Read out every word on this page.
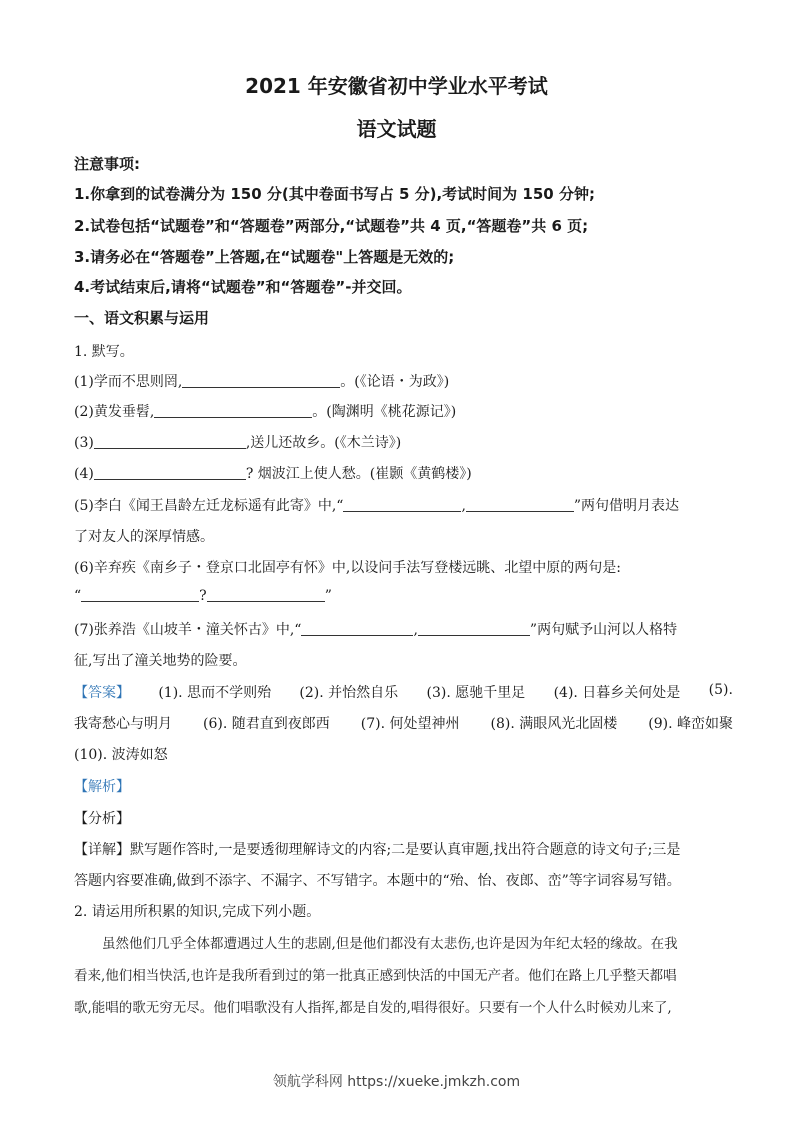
2021 年安徽省初中学业水平考试
语文试题
注意事项:
1.你拿到的试卷满分为 150 分(其中卷面书写占 5 分),考试时间为 150 分钟;
2.试卷包括“试题卷”和“答题卷”两部分,“试题卷”共 4 页,“答题卷”共 6 页;
3.请务必在“答题卷”上答题,在“试题卷"上答题是无效的;
4.考试结束后,请将“试题卷”和“答题卷”-并交回。
一、语文积累与运用
1. 默写。
(1)学而不思则罔,	。(《论语・为政》)
(2)黄发垂髫,	。(陶渊明《桃花源记》)
(3)	,送儿还故乡。(《木兰诗》)
(4)	? 烟波江上使人愁。(崔颢《黄鹤楼》)
(5)李白《闻王昌龄左迁龙标遥有此寄》中,“	,	”两句借明月表达
了对友人的深厚情感。
(6)辛弃疾《南乡子・登京口北固亭有怀》中,以设问手法写登楼远眺、北望中原的两句是:
“	?	”
(7)张养浩《山坡羊・潼关怀古》中,“	,	”两句赋予山河以人格特
征,写出了潼关地势的险要。
【答案】 (1). 思而不学则殆 (2). 并怡然自乐 (3). 愿驰千里足 (4). 日暮乡关何处是 (5).
我寄愁心与明月 (6). 随君直到夜郎西 (7). 何处望神州 (8). 满眼风光北固楼 (9). 峰峦如聚
(10). 波涛如怒
【解析】
【分析】
【详解】默写题作答时,一是要透彻理解诗文的内容;二是要认真审题,找出符合题意的诗文句子;三是
答题内容要准确,做到不添字、不漏字、不写错字。本题中的“殆、怡、夜郎、峦”等字词容易写错。
2. 请运用所积累的知识,完成下列小题。
虽然他们几乎全体都遭遇过人生的悲剧,但是他们都没有太悲伤,也许是因为年纪太轻的缘故。在我
看来,他们相当快活,也许是我所看到过的第一批真正感到快活的中国无产者。他们在路上几乎整天都唱
歌,能唱的歌无穷无尽。他们唱歌没有人指挥,都是自发的,唱得很好。只要有一个人什么时候劝儿来了,
领航学科网 https://xueke.jmkzh.com
